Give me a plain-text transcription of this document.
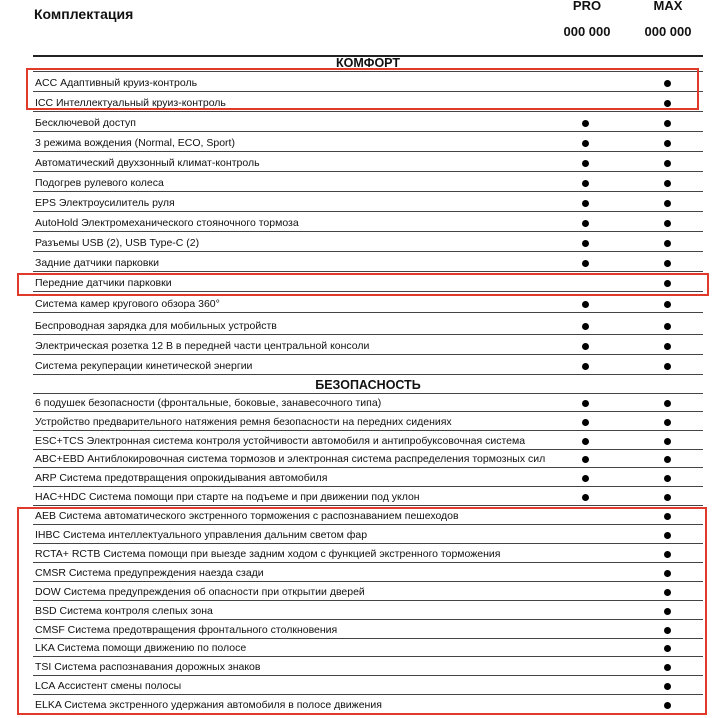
Комплектация
PRO
000 000
MAX
000 000
КОМФОРТ
ACC Адаптивный круиз-контроль
ICC Интеллектуальный круиз-контроль
Бесключевой доступ
3 режима вождения (Normal, ECO, Sport)
Автоматический двухзонный климат-контроль
Подогрев рулевого колеса
EPS Электроусилитель руля
AutoHold Электромеханического стояночного тормоза
Разъемы USB (2), USB Type-C (2)
Задние датчики парковки
Передние датчики парковки
Система камер кругового обзора 360°
Беспроводная зарядка для мобильных устройств
Электрическая розетка 12 В в передней части центральной консоли
Система рекуперации кинетической энергии
БЕЗОПАСНОСТЬ
6 подушек безопасности (фронтальные, боковые, занавесочного типа)
Устройство предварительного натяжения ремня безопасности на передних сидениях
ESC+TCS Электронная система контроля устойчивости автомобиля и антипробуксовочная система
ABC+EBD Антиблокировочная система тормозов и электронная система распределения тормозных сил
ARP Система предотвращения опрокидывания автомобиля
HAC+HDC Система помощи при старте на подъеме и при движении под уклон
AEB Система автоматического экстренного торможения с распознаванием пешеходов
IHBC Система интеллектуального управления дальним светом фар
RCTA+ RCTB Система помощи при выезде задним ходом с функцией экстренного торможения
CMSR Система предупреждения наезда сзади
DOW Система предупреждения об опасности при открытии дверей
BSD Система контроля слепых зона
CMSF Система предотвращения фронтального столкновения
LKA Система помощи движению по полосе
TSI Система распознавания дорожных знаков
LCA Ассистент смены полосы
ELKA Система экстренного удержания автомобиля в полосе движения
